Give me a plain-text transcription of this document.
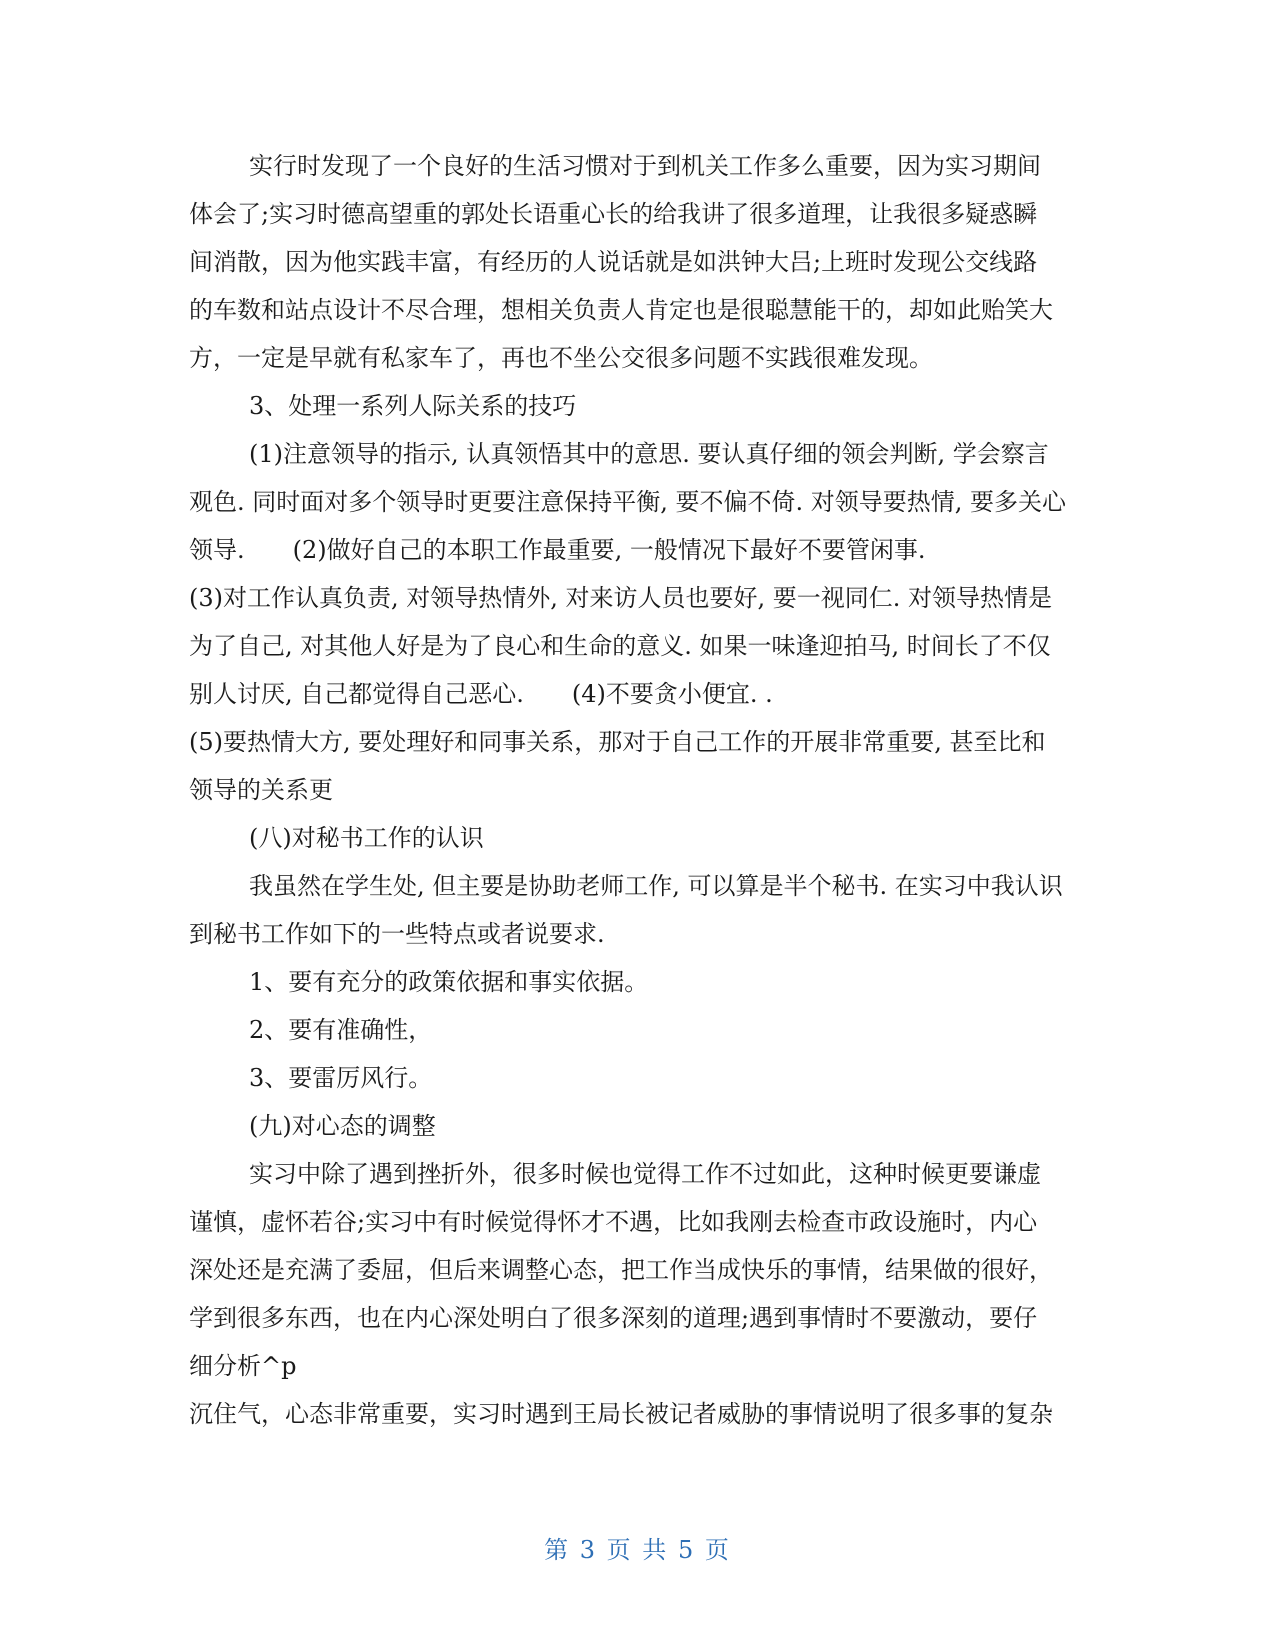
实行时发现了一个良好的生活习惯对于到机关工作多么重要，因为实习期间
体会了;实习时德高望重的郭处长语重心长的给我讲了很多道理，让我很多疑惑瞬
间消散，因为他实践丰富，有经历的人说话就是如洪钟大吕;上班时发现公交线路
的车数和站点设计不尽合理，想相关负责人肯定也是很聪慧能干的，却如此贻笑大
方，一定是早就有私家车了，再也不坐公交很多问题不实践很难发现。
3、处理一系列人际关系的技巧
(1)注意领导的指示, 认真领悟其中的意思. 要认真仔细的领会判断, 学会察言
观色. 同时面对多个领导时更要注意保持平衡, 要不偏不倚. 对领导要热情, 要多关心
领导.　　(2)做好自己的本职工作最重要, 一般情况下最好不要管闲事.
(3)对工作认真负责, 对领导热情外, 对来访人员也要好, 要一视同仁. 对领导热情是
为了自己, 对其他人好是为了良心和生命的意义. 如果一味逢迎拍马, 时间长了不仅
别人讨厌, 自己都觉得自己恶心.　　(4)不要贪小便宜. .
(5)要热情大方, 要处理好和同事关系，那对于自己工作的开展非常重要, 甚至比和
领导的关系更
(八)对秘书工作的认识
我虽然在学生处, 但主要是协助老师工作, 可以算是半个秘书. 在实习中我认识
到秘书工作如下的一些特点或者说要求.
1、要有充分的政策依据和事实依据。
2、要有准确性，
3、要雷厉风行。
(九)对心态的调整
实习中除了遇到挫折外，很多时候也觉得工作不过如此，这种时候更要谦虚
谨慎，虚怀若谷;实习中有时候觉得怀才不遇，比如我刚去检查市政设施时，内心
深处还是充满了委屈，但后来调整心态，把工作当成快乐的事情，结果做的很好，
学到很多东西，也在内心深处明白了很多深刻的道理;遇到事情时不要激动，要仔
细分析^p
沉住气，心态非常重要，实习时遇到王局长被记者威胁的事情说明了很多事的复杂
第 3 页 共 5 页
